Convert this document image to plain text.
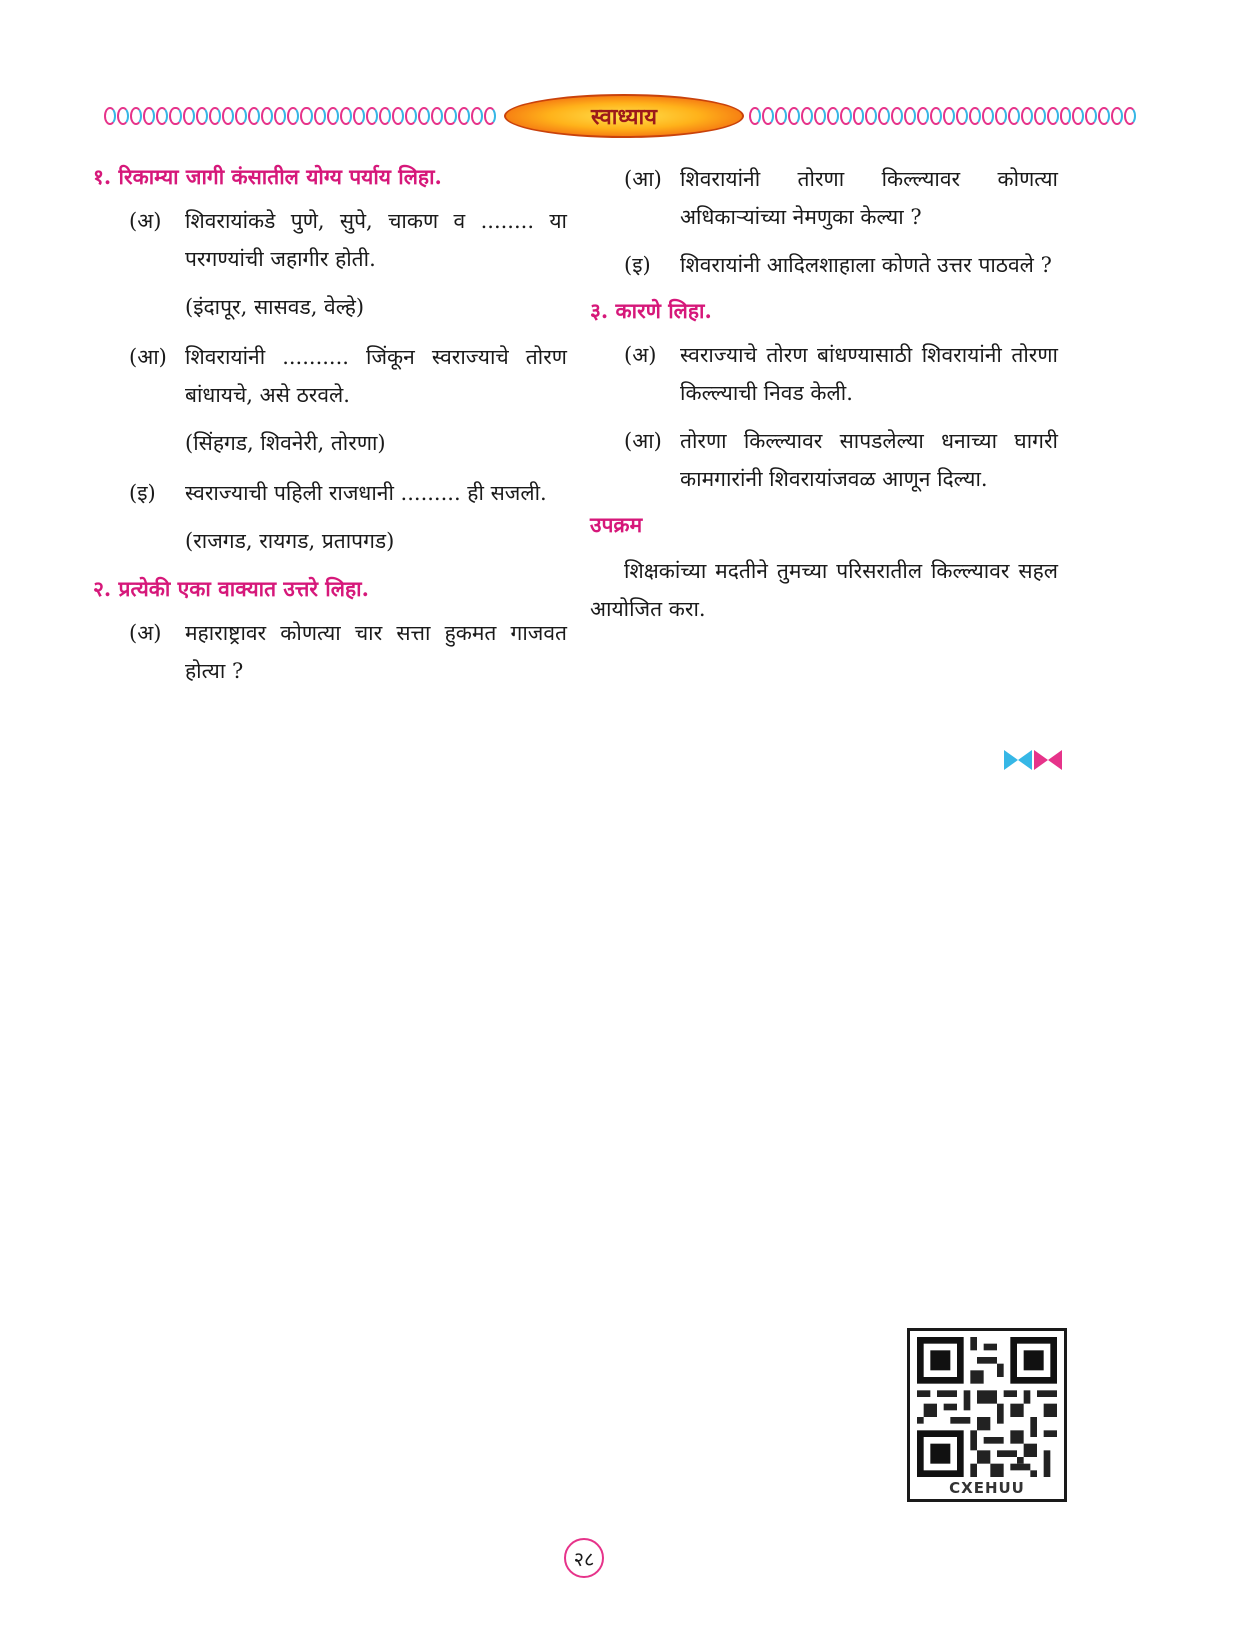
स्वाध्याय
१. रिकाम्या जागी कंसातील योग्य पर्याय लिहा.
(अ)	शिवरायांकडे पुणे, सुपे, चाकण व ........ या परगण्यांची जहागीर होती.
(इंदापूर, सासवड, वेल्हे)
(आ) शिवरायांनी .......... जिंकून स्वराज्याचे तोरण बांधायचे, असे ठरवले.
(सिंहगड, शिवनेरी, तोरणा)
(इ)	स्वराज्याची पहिली राजधानी ......... ही सजली.
(राजगड, रायगड, प्रतापगड)
२. प्रत्येकी एका वाक्यात उत्तरे लिहा.
(अ)	महाराष्ट्रावर कोणत्या चार सत्ता हुकमत गाजवत होत्या ?
(आ) शिवरायांनी तोरणा किल्ल्यावर कोणत्या अधिकाऱ्यांच्या नेमणुका केल्या ?
(इ)	शिवरायांनी आदिलशाहाला कोणते उत्तर पाठवले ?
३. कारणे लिहा.
(अ)	स्वराज्याचे तोरण बांधण्यासाठी शिवरायांनी तोरणा किल्ल्याची निवड केली.
(आ) तोरणा किल्ल्यावर सापडलेल्या धनाच्या घागरी कामगारांनी शिवरायांजवळ आणून दिल्या.
उपक्रम
शिक्षकांच्या मदतीने तुमच्या परिसरातील किल्ल्यावर सहल आयोजित करा.
CXEHUU
२८
